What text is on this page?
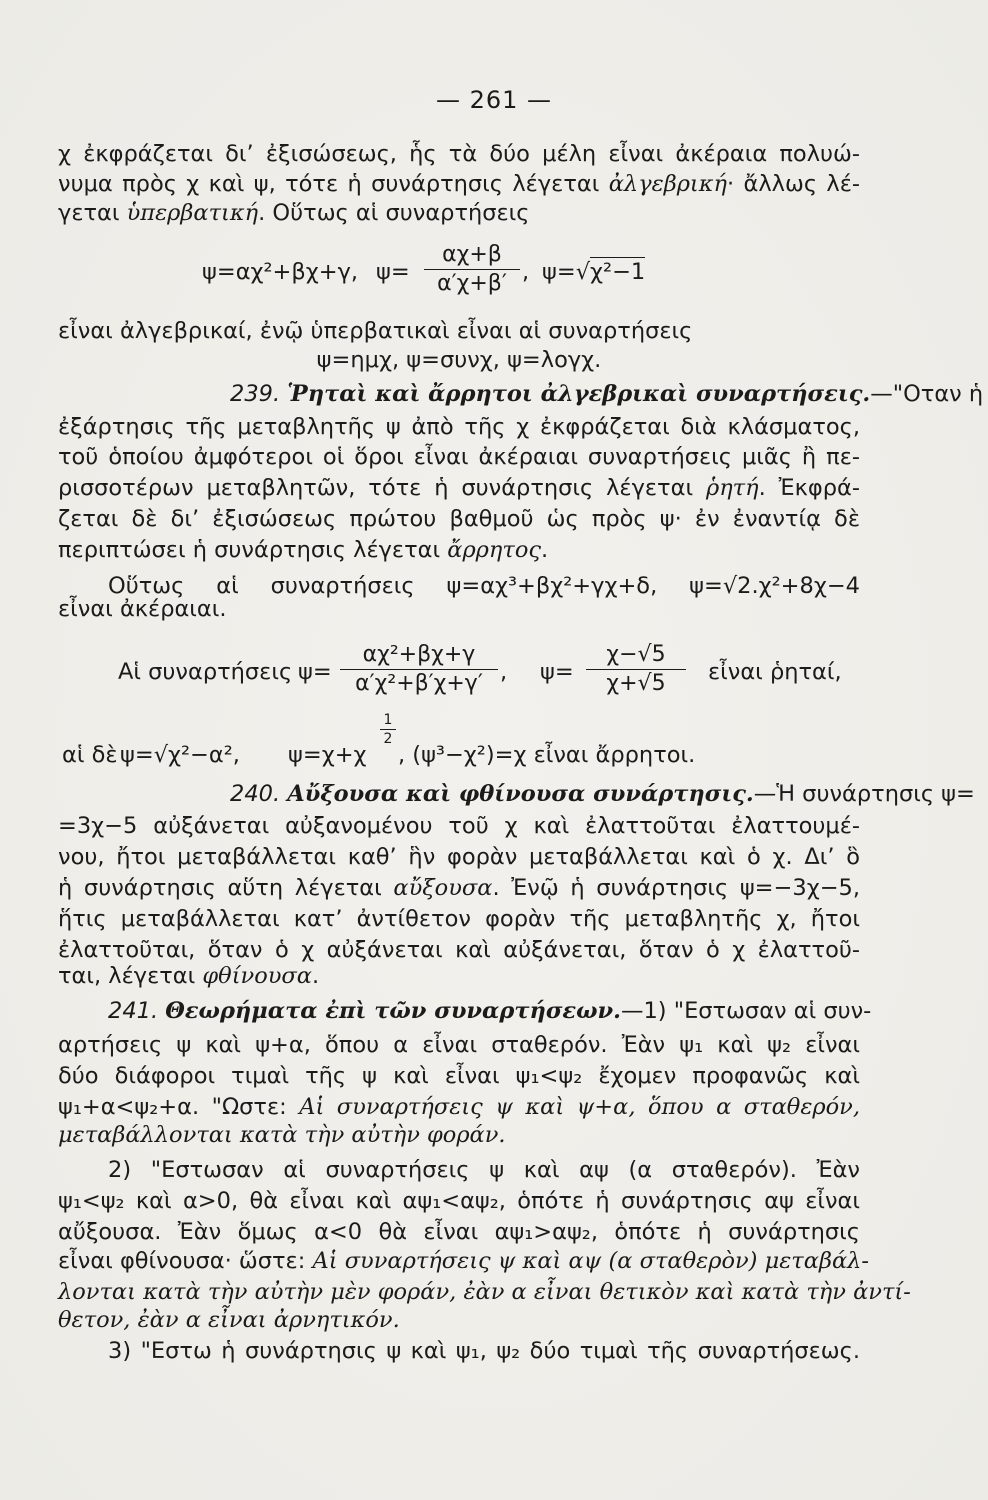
— 261 —
χ ἐκφράζεται δι’ ἐξισώσεως, ἧς τὰ δύο μέλη εἶναι ἀκέραια πολυώ-
νυμα πρὸς χ καὶ ψ, τότε ἡ συνάρτησις λέγεται ἀλγεβρική· ἄλλως λέ-
γεται ὑπερβατική. Οὕτως αἱ συναρτήσεις
ψ=αχ²+βχ+γ, $\psi= \frac{\alpha\chi+\beta}{\alpha'\chi+\beta'}$ , ψ=√χ²−1
εἶναι ἀλγεβρικαί, ἐνῷ ὑπερβατικαὶ εἶναι αἱ συναρτήσεις
ψ=ημχ, ψ=συνχ, ψ=λογχ.
239. Ῥηταὶ καὶ ἄρρητοι ἀλγεβρικαὶ συναρτήσεις.—"Οταν ἡ
ἐξάρτησις τῆς μεταβλητῆς ψ ἀπὸ τῆς χ ἐκφράζεται διὰ κλάσματος,
τοῦ ὁποίου ἀμφότεροι οἱ ὅροι εἶναι ἀκέραιαι συναρτήσεις μιᾶς ἢ πε-
ρισσοτέρων μεταβλητῶν, τότε ἡ συνάρτησις λέγεται ῥητή. Ἐκφρά-
ζεται δὲ δι’ ἐξισώσεως πρώτου βαθμοῦ ὡς πρὸς ψ· ἐν ἐναντίᾳ δὲ
περιπτώσει ἡ συνάρτησις λέγεται ἄρρητος.
Οὕτως αἱ συναρτήσεις ψ=αχ³+βχ²+γχ+δ, ψ=√2.χ²+8χ−4
εἶναι ἀκέραιαι.
Αἱ συναρτήσεις $\psi= \frac{\text{αχ²+βχ+γ}}{\text{α′χ²+β′χ+γ′}}$ , $\psi= \frac{\chi-√5}{\chi+√5}$ εἶναι ῥηταί,
αἱ δὲ ψ=√χ²−α², ψ=χ+χ
$\frac{1}{2}$
, (ψ³−χ²)=χ εἶναι ἄρρητοι.
240. Αὔξουσα καὶ φθίνουσα συνάρτησις.—Ἡ συνάρτησις ψ=
=3χ−5 αὐξάνεται αὐξανομένου τοῦ χ καὶ ἐλαττοῦται ἐλαττουμέ-
νου, ἤτοι μεταβάλλεται καθ’ ἣν φορὰν μεταβάλλεται καὶ ὁ χ. Δι’ ὃ
ἡ συνάρτησις αὕτη λέγεται αὔξουσα. Ἐνῷ ἡ συνάρτησις ψ=−3χ−5,
ἥτις μεταβάλλεται κατ’ ἀντίθετον φορὰν τῆς μεταβλητῆς χ, ἤτοι
ἐλαττοῦται, ὅταν ὁ χ αὐξάνεται καὶ αὐξάνεται, ὅταν ὁ χ ἐλαττοῦ-
ται, λέγεται φθίνουσα.
241. Θεωρήματα ἐπὶ τῶν συναρτήσεων.—1) "Εστωσαν αἱ συν-
αρτήσεις ψ καὶ ψ+α, ὅπου α εἶναι σταθερόν. Ἐὰν ψ₁ καὶ ψ₂ εἶναι
δύο διάφοροι τιμαὶ τῆς ψ καὶ εἶναι ψ₁<ψ₂ ἔχομεν προφανῶς καὶ
ψ₁+α<ψ₂+α. "Ωστε: Αἱ συναρτήσεις ψ καὶ ψ+α, ὅπου α σταθερόν,
μεταβάλλονται κατὰ τὴν αὐτὴν φοράν.
2) "Εστωσαν αἱ συναρτήσεις ψ καὶ αψ (α σταθερόν). Ἐὰν
ψ₁<ψ₂ καὶ α>0, θὰ εἶναι καὶ αψ₁<αψ₂, ὁπότε ἡ συνάρτησις αψ εἶναι
αὔξουσα. Ἐὰν ὅμως α<0 θὰ εἶναι αψ₁>αψ₂, ὁπότε ἡ συνάρτησις
εἶναι φθίνουσα· ὥστε: Αἱ συναρτήσεις ψ καὶ αψ (α σταθερὸν) μεταβάλ-
λονται κατὰ τὴν αὐτὴν μὲν φοράν, ἐὰν α εἶναι θετικὸν καὶ κατὰ τὴν ἀντί-
θετον, ἐὰν α εἶναι ἀρνητικόν.
3) "Εστω ἡ συνάρτησις ψ καὶ ψ₁, ψ₂ δύο τιμαὶ τῆς συναρτήσεως.
